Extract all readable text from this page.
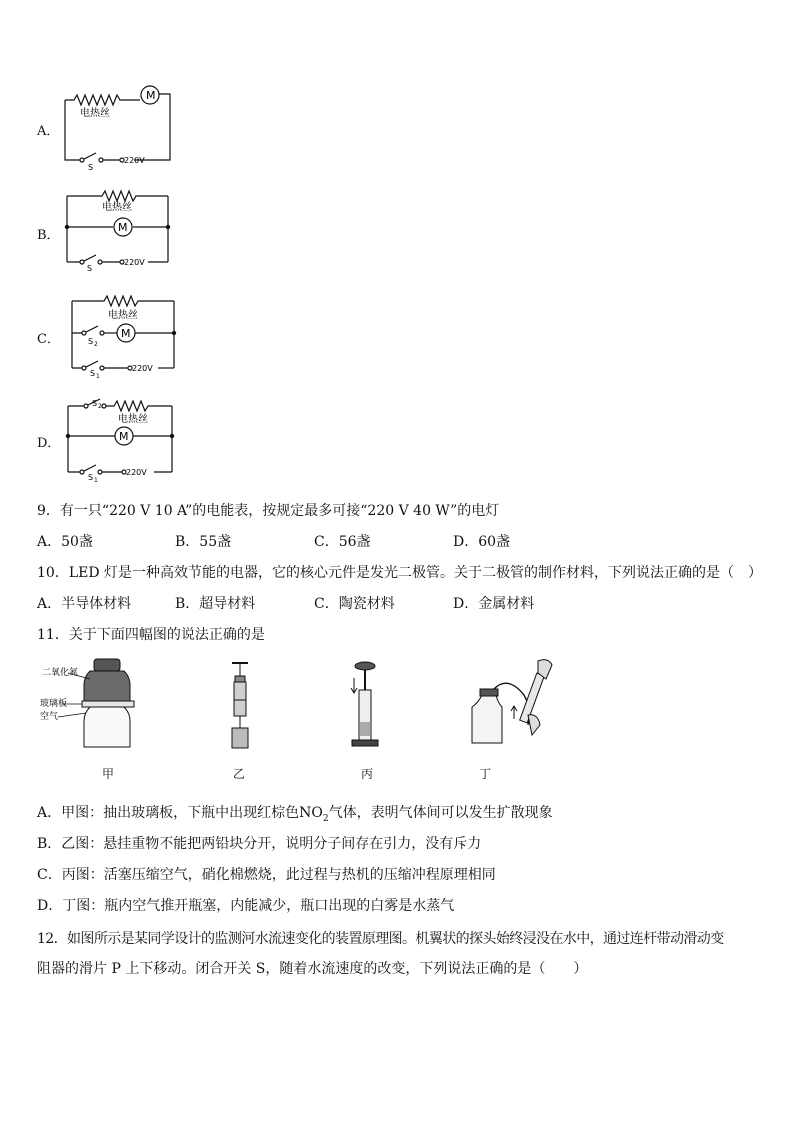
A．
M
电热丝
S
220V
B．
电热丝
M
S
220V
C．
电热丝
M
S 2
S 1
220V
D．
S 2
电热丝
M
S 1
220V
9．有一只“220 V 10 A”的电能表，按规定最多可接“220 V 40 W”的电灯
A．50盏	B．55盏	C．56盏	D．60盏
10．LED 灯是一种高效节能的电器，它的核心元件是发光二极管。关于二极管的制作材料，下列说法正确的是（　）
A．半导体材料	B．超导材料	C．陶瓷材料	D．金属材料
11．关于下面四幅图的说法正确的是
二氧化氮
玻璃板
空气
甲	乙	丙	丁
A．甲图：抽出玻璃板，下瓶中出现红棕色$NO_2$气体，表明气体间可以发生扩散现象
B．乙图：悬挂重物不能把两铅块分开，说明分子间存在引力，没有斥力
C．丙图：活塞压缩空气，硝化棉燃烧，此过程与热机的压缩冲程原理相同
D．丁图：瓶内空气推开瓶塞，内能减少，瓶口出现的白雾是水蒸气
12．如图所示是某同学设计的监测河水流速变化的装置原理图。机翼状的探头始终浸没在水中，通过连杆带动滑动变
阻器的滑片 P 上下移动。闭合开关 S，随着水流速度的改变，下列说法正确的是（　　）
